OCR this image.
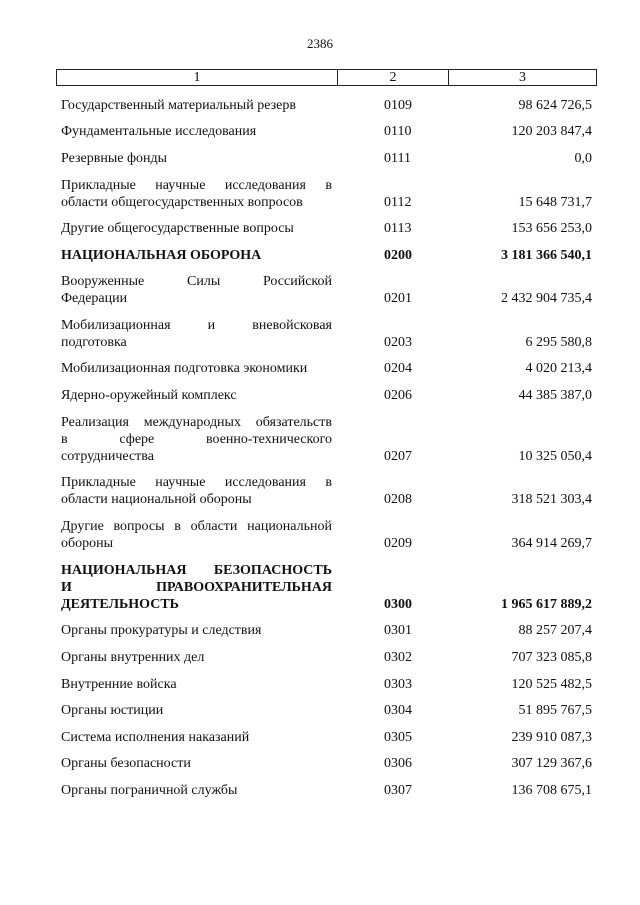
2386
1	2	3
Государственный материальный резерв	0109	98 624 726,5
Фундаментальные исследования	0110	120 203 847,4
Резервные фонды	0111	0,0
Прикладные научные исследования в
области общегосударственных вопросов	0112	15 648 731,7
Другие общегосударственные вопросы	0113	153 656 253,0
НАЦИОНАЛЬНАЯ ОБОРОНА	0200	3 181 366 540,1
Вооруженные Силы Российской
Федерации	0201	2 432 904 735,4
Мобилизационная и вневойсковая
подготовка	0203	6 295 580,8
Мобилизационная подготовка экономики	0204	4 020 213,4
Ядерно-оружейный комплекс	0206	44 385 387,0
Реализация международных обязательств
в сфере военно-технического
сотрудничества	0207	10 325 050,4
Прикладные научные исследования в
области национальной обороны	0208	318 521 303,4
Другие вопросы в области национальной
обороны	0209	364 914 269,7
НАЦИОНАЛЬНАЯ БЕЗОПАСНОСТЬ
И ПРАВООХРАНИТЕЛЬНАЯ
ДЕЯТЕЛЬНОСТЬ	0300	1 965 617 889,2
Органы прокуратуры и следствия	0301	88 257 207,4
Органы внутренних дел	0302	707 323 085,8
Внутренние войска	0303	120 525 482,5
Органы юстиции	0304	51 895 767,5
Система исполнения наказаний	0305	239 910 087,3
Органы безопасности	0306	307 129 367,6
Органы пограничной службы	0307	136 708 675,1
